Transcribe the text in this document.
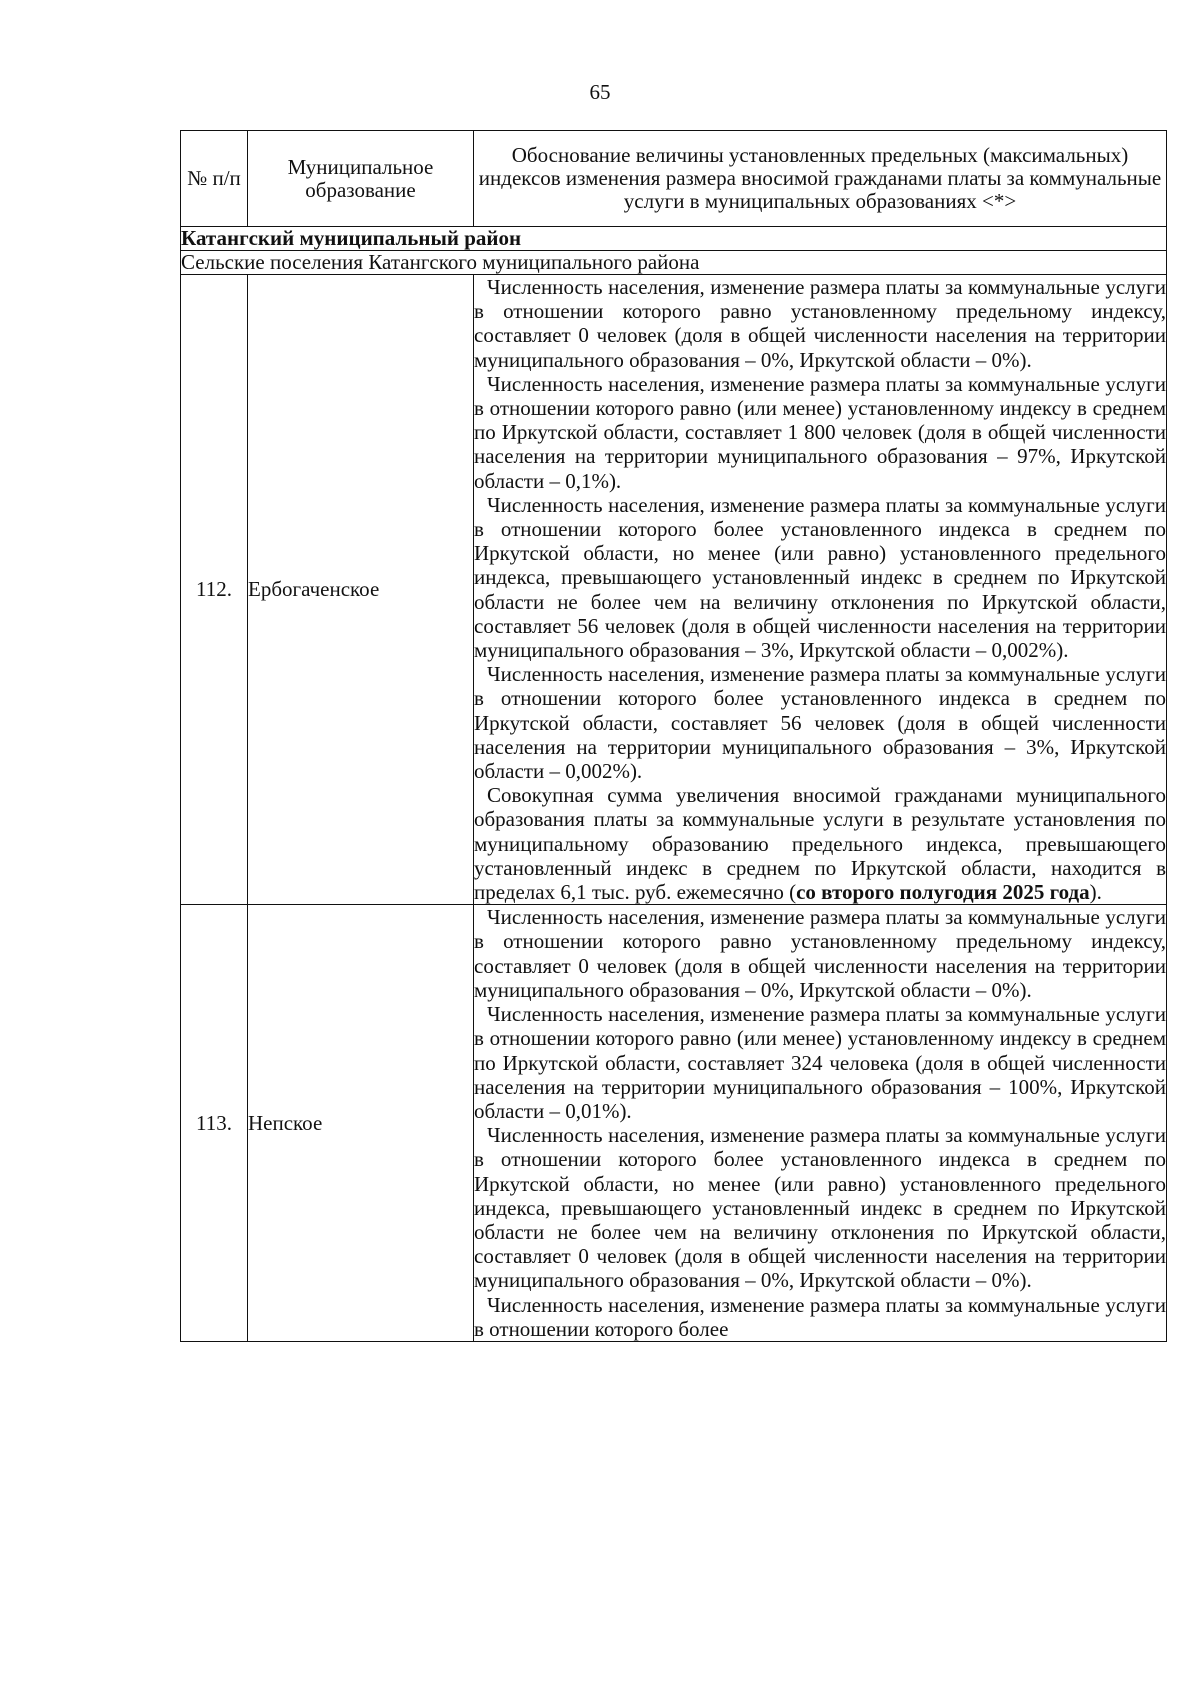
65
№ п/п	Муниципальное образование	Обоснование величины установленных предельных (максимальных) индексов изменения размера вносимой гражданами платы за коммунальные услуги в муниципальных образованиях <*>
Катангский муниципальный район		
Сельские поселения Катангского муниципального района		
112.	Ербогаченское	Численность населения, изменение размера платы за коммунальные услуги в отношении которого равно установленному предельному индексу, составляет 0 человек (доля в общей численности населения на территории муниципального образования – 0%, Иркутской области – 0%).

Численность населения, изменение размера платы за коммунальные услуги в отношении которого равно (или менее) установленному индексу в среднем по Иркутской области, составляет 1 800 человек (доля в общей численности населения на территории муниципального образования – 97%, Иркутской области – 0,1%).

Численность населения, изменение размера платы за коммунальные услуги в отношении которого более установленного индекса в среднем по Иркутской области, но менее (или равно) установленного предельного индекса, превышающего установленный индекс в среднем по Иркутской области не более чем на величину отклонения по Иркутской области, составляет 56 человек (доля в общей численности населения на территории муниципального образования – 3%, Иркутской области – 0,002%).

Численность населения, изменение размера платы за коммунальные услуги в отношении которого более установленного индекса в среднем по Иркутской области, составляет 56 человек (доля в общей численности населения на территории муниципального образования – 3%, Иркутской области – 0,002%).

Совокупная сумма увеличения вносимой гражданами муниципального образования платы за коммунальные услуги в результате установления по муниципальному образованию предельного индекса, превышающего установленный индекс в среднем по Иркутской области, находится в пределах 6,1 тыс. руб. ежемесячно (со второго полугодия 2025 года).

113.	Непское	Численность населения, изменение размера платы за коммунальные услуги в отношении которого равно установленному предельному индексу, составляет 0 человек (доля в общей численности населения на территории муниципального образования – 0%, Иркутской области – 0%).

Численность населения, изменение размера платы за коммунальные услуги в отношении которого равно (или менее) установленному индексу в среднем по Иркутской области, составляет 324 человека (доля в общей численности населения на территории муниципального образования – 100%, Иркутской области – 0,01%).

Численность населения, изменение размера платы за коммунальные услуги в отношении которого более установленного индекса в среднем по Иркутской области, но менее (или равно) установленного предельного индекса, превышающего установленный индекс в среднем по Иркутской области не более чем на величину отклонения по Иркутской области, составляет 0 человек (доля в общей численности населения на территории муниципального образования – 0%, Иркутской области – 0%).

Численность населения, изменение размера платы за коммунальные услуги в отношении которого более
